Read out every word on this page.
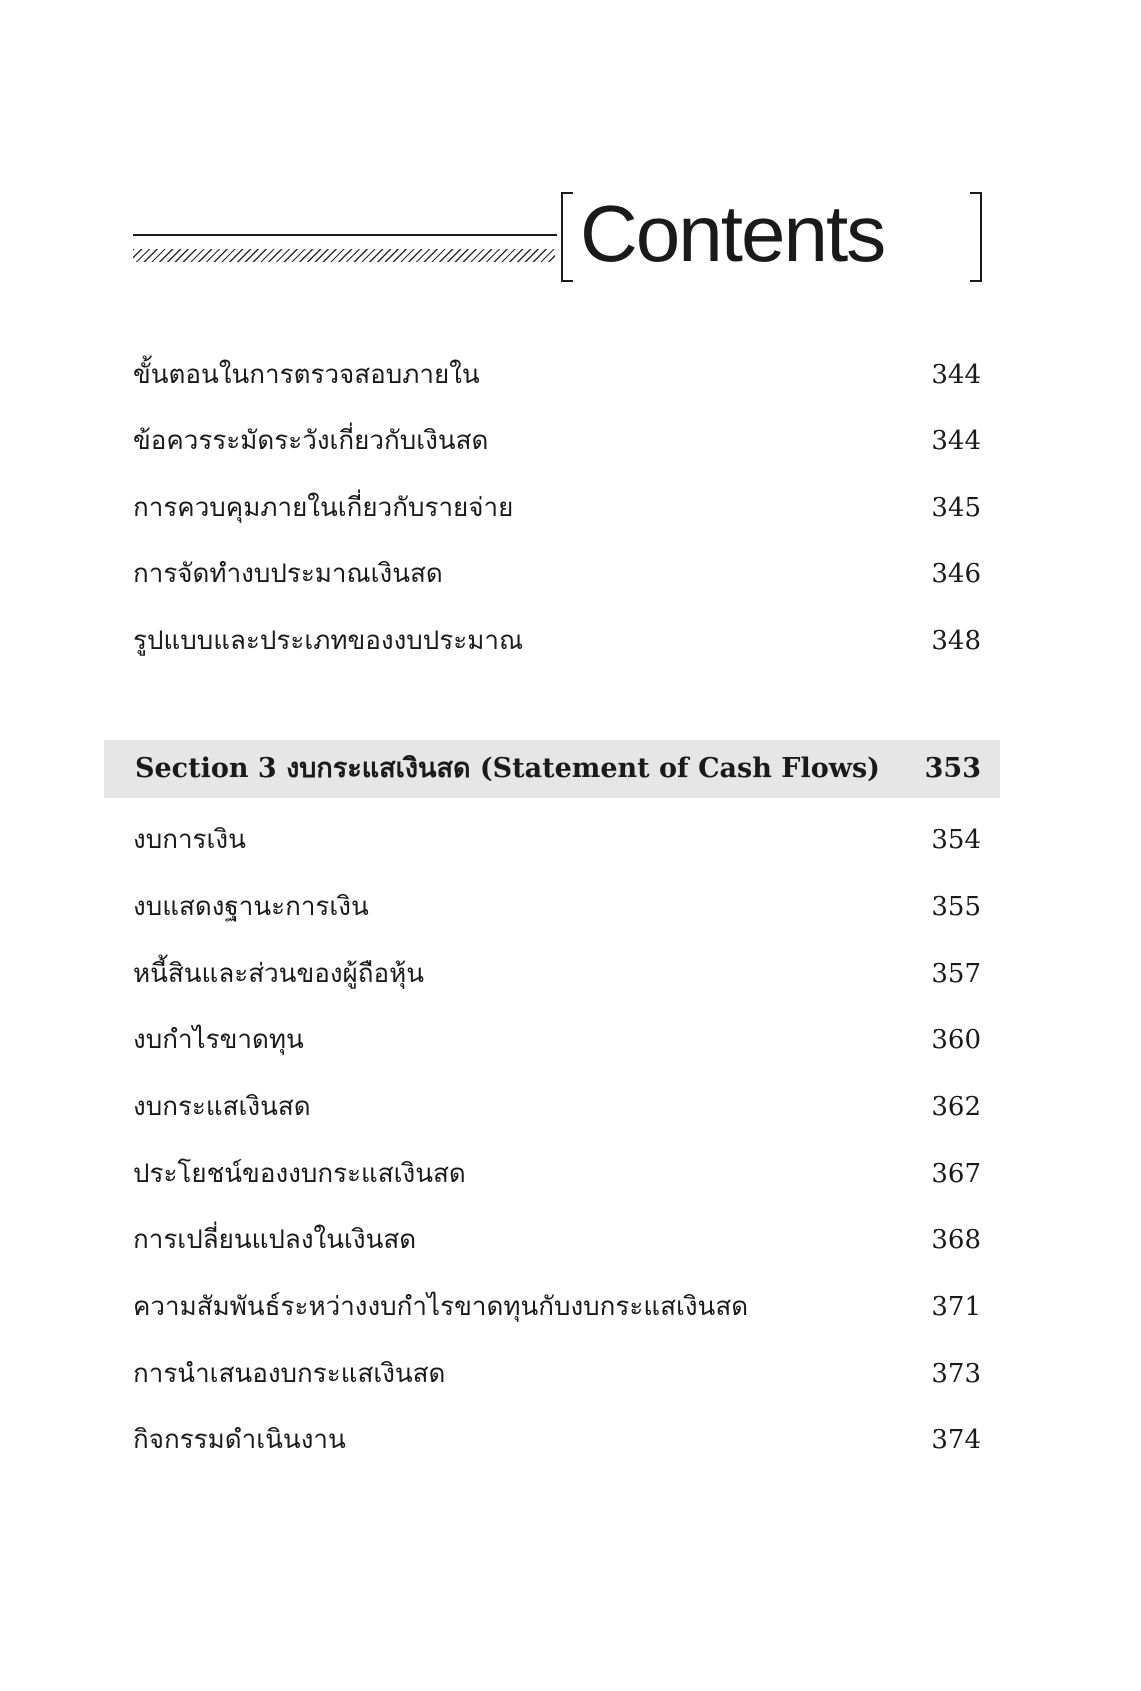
Contents
ขั้นตอนในการตรวจสอบภายใน	344
ข้อควรระมัดระวังเกี่ยวกับเงินสด	344
การควบคุมภายในเกี่ยวกับรายจ่าย	345
การจัดทำงบประมาณเงินสด	346
รูปแบบและประเภทของงบประมาณ	348
Section 3 งบกระแสเงินสด (Statement of Cash Flows) 353
งบการเงิน	354
งบแสดงฐานะการเงิน	355
หนี้สินและส่วนของผู้ถือหุ้น	357
งบกำไรขาดทุน	360
งบกระแสเงินสด	362
ประโยชน์ของงบกระแสเงินสด	367
การเปลี่ยนแปลงในเงินสด	368
ความสัมพันธ์ระหว่างงบกำไรขาดทุนกับงบกระแสเงินสด	371
การนำเสนองบกระแสเงินสด	373
กิจกรรมดำเนินงาน	374
